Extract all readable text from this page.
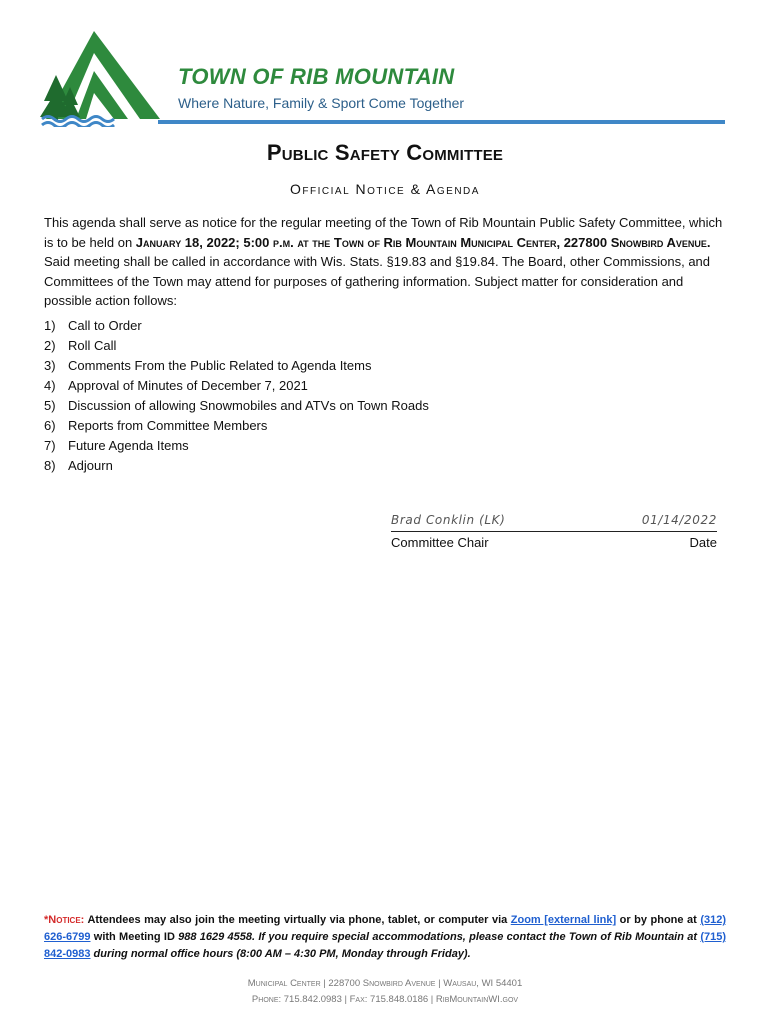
TOWN OF RIB MOUNTAIN
Where Nature, Family & Sport Come Together
Public Safety Committee
Official Notice & Agenda
This agenda shall serve as notice for the regular meeting of the Town of Rib Mountain Public Safety Committee, which is to be held on January 18, 2022; 5:00 p.m. at the Town of Rib Mountain Municipal Center, 227800 Snowbird Avenue. Said meeting shall be called in accordance with Wis. Stats. §19.83 and §19.84. The Board, other Commissions, and Committees of the Town may attend for purposes of gathering information. Subject matter for consideration and possible action follows:
1) Call to Order
2) Roll Call
3) Comments From the Public Related to Agenda Items
4) Approval of Minutes of December 7, 2021
5) Discussion of allowing Snowmobiles and ATVs on Town Roads
6) Reports from Committee Members
7) Future Agenda Items
8) Adjourn
Brad Conklin (LK)	01/14/2022
Committee Chair	Date
*Notice: Attendees may also join the meeting virtually via phone, tablet, or computer via Zoom [external link] or by phone at (312) 626-6799 with Meeting ID 988 1629 4558. If you require special accommodations, please contact the Town of Rib Mountain at (715) 842-0983 during normal office hours (8:00 AM – 4:30 PM, Monday through Friday).
Municipal Center | 228700 Snowbird Avenue | Wausau, WI 54401
Phone: 715.842.0983 | Fax: 715.848.0186 | RibMountainWI.gov
